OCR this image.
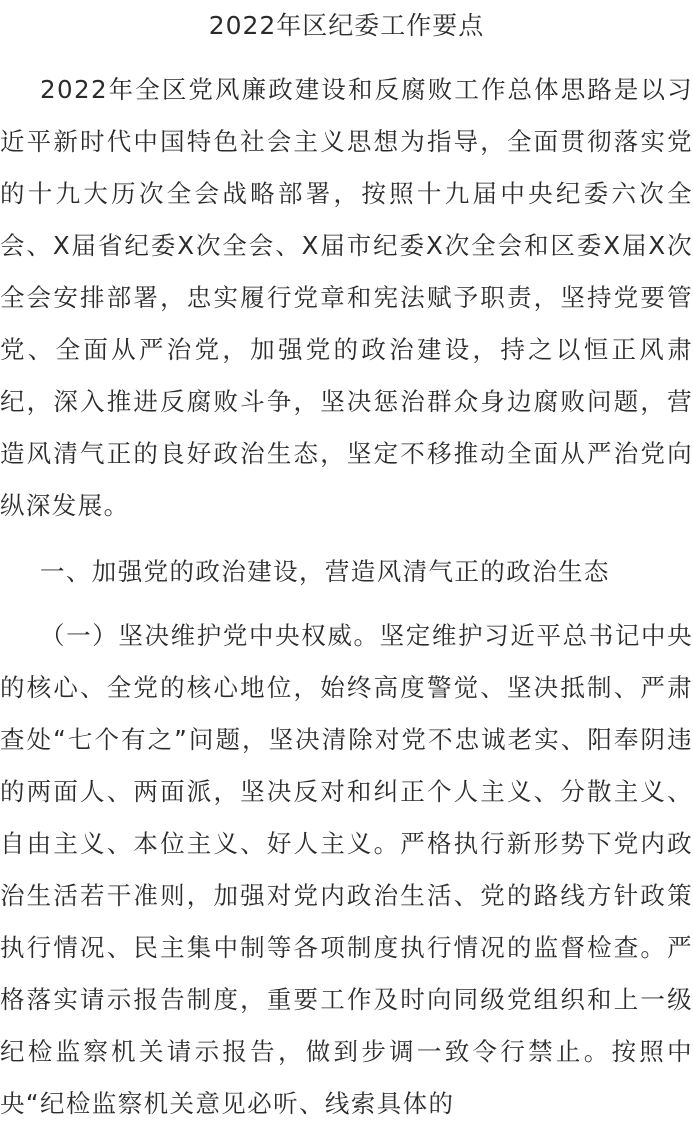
2022年区纪委工作要点

2022年全区党风廉政建设和反腐败工作总体思路是以习近平新时代中国特色社会主义思想为指导，全面贯彻落实党的十九大历次全会战略部署，按照十九届中央纪委六次全会、X届省纪委X次全会、X届市纪委X次全会和区委X届X次全会安排部署，忠实履行党章和宪法赋予职责，坚持党要管党、全面从严治党，加强党的政治建设，持之以恒正风肃纪，深入推进反腐败斗争，坚决惩治群众身边腐败问题，营造风清气正的良好政治生态，坚定不移推动全面从严治党向纵深发展。

一、加强党的政治建设，营造风清气正的政治生态

（一）坚决维护党中央权威。坚定维护习近平总书记中央的核心、全党的核心地位，始终高度警觉、坚决抵制、严肃查处“七个有之”问题，坚决清除对党不忠诚老实、阳奉阴违的两面人、两面派，坚决反对和纠正个人主义、分散主义、自由主义、本位主义、好人主义。严格执行新形势下党内政治生活若干准则，加强对党内政治生活、党的路线方针政策执行情况、民主集中制等各项制度执行情况的监督检查。严格落实请示报告制度，重要工作及时向同级党组织和上一级纪检监察机关请示报告，做到步调一致令行禁止。按照中央“纪检监察机关意见必听、线索具体的
